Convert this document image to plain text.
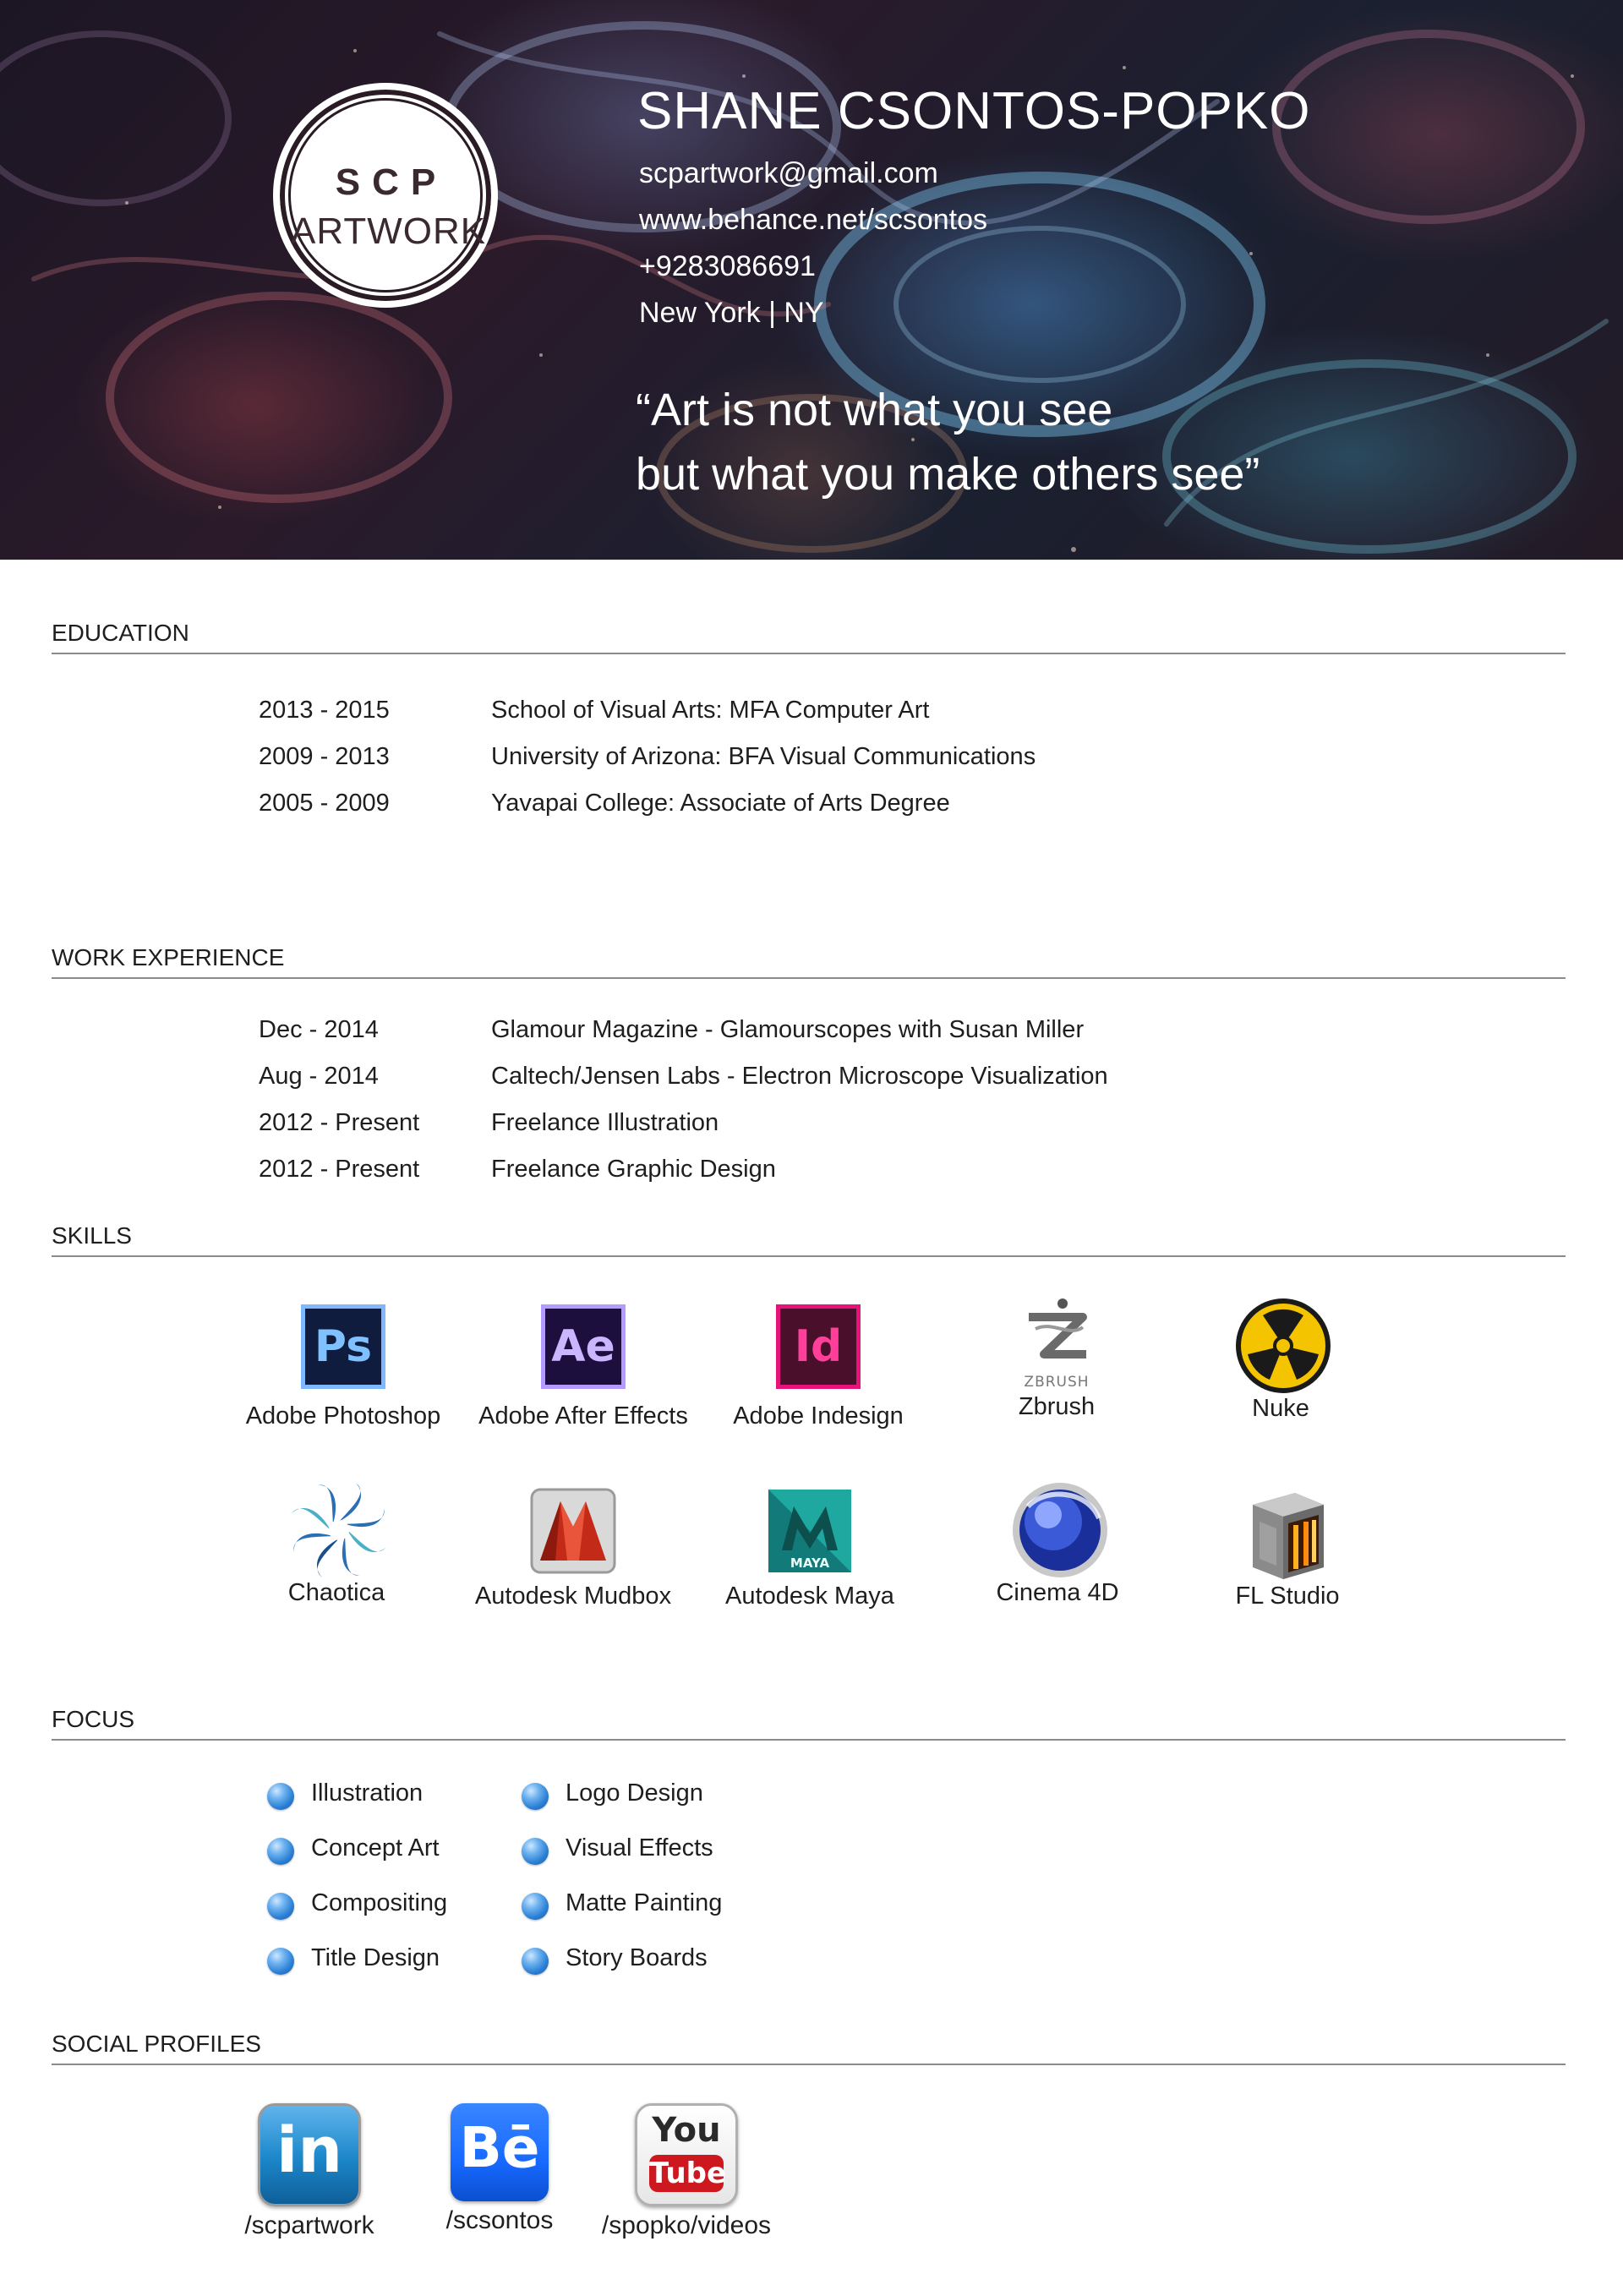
SCP
ARTWORK
SHANE CSONTOS-POPKO
scpartwork@gmail.com
www.behance.net/scsontos
+9283086691
New York | NY
“Art is not what you see
but what you make others see”
EDUCATION
2013 - 2015	School of Visual Arts: MFA Computer Art
2009 - 2013	University of Arizona: BFA Visual Communications
2005 - 2009	Yavapai College: Associate of Arts Degree
WORK EXPERIENCE
Dec - 2014	Glamour Magazine - Glamourscopes with Susan Miller
Aug - 2014	Caltech/Jensen Labs - Electron Microscope Visualization
2012 - Present	Freelance Illustration
2012 - Present	Freelance Graphic Design
SKILLS
Ps
Adobe Photoshop
Ae
Adobe After Effects
Id
Adobe Indesign
ZBRUSH
Zbrush	Nuke
Chaotica	Autodesk Mudbox
MAYA
Autodesk Maya	Cinema 4D	FL Studio
FOCUS
Illustration
Concept Art
Compositing
Title Design
Logo Design
Visual Effects
Matte Painting
Story Boards
SOCIAL PROFILES
in
/scpartwork
Bē
/scsontos
You
Tube
/spopko/videos
